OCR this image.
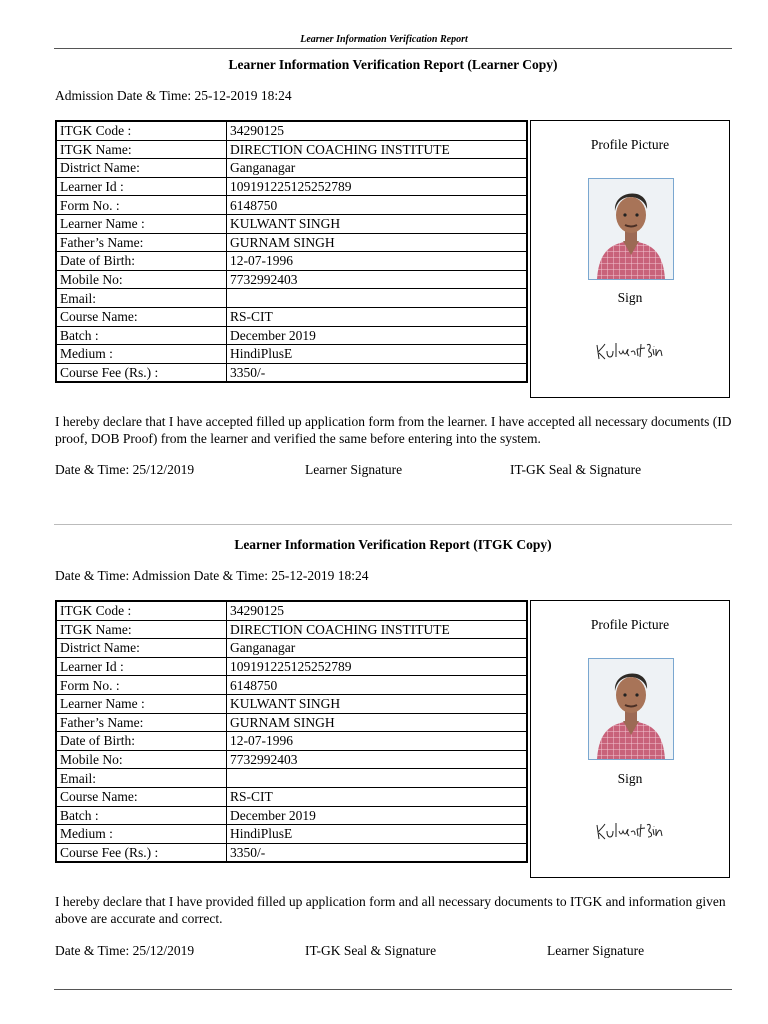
Learner Information Verification Report
Learner Information Verification Report (Learner Copy)
Admission Date & Time: 25-12-2019 18:24
ITGK Code :	34290125
ITGK Name:	DIRECTION COACHING INSTITUTE
District Name:	Ganganagar
Learner Id :	109191225125252789
Form No. :	6148750
Learner Name :	KULWANT SINGH
Father’s Name:	GURNAM SINGH
Date of Birth:	12-07-1996
Mobile No:	7732992403
Email:	
Course Name:	RS-CIT
Batch :	December 2019
Medium :	HindiPlusE
Course Fee (Rs.) :	3350/-
Profile Picture
Sign
I hereby declare that I have accepted filled up application form from the learner. I have accepted all necessary documents (ID proof, DOB Proof) from the learner and verified the same before entering into the system.
Date & Time: 25/12/2019	Learner Signature	IT-GK Seal & Signature
Learner Information Verification Report (ITGK Copy)
Date & Time: Admission Date & Time: 25-12-2019 18:24
ITGK Code :	34290125
ITGK Name:	DIRECTION COACHING INSTITUTE
District Name:	Ganganagar
Learner Id :	109191225125252789
Form No. :	6148750
Learner Name :	KULWANT SINGH
Father’s Name:	GURNAM SINGH
Date of Birth:	12-07-1996
Mobile No:	7732992403
Email:	
Course Name:	RS-CIT
Batch :	December 2019
Medium :	HindiPlusE
Course Fee (Rs.) :	3350/-
Profile Picture
Sign
I hereby declare that I have provided filled up application form and all necessary documents to ITGK and information given above are accurate and correct.
Date & Time: 25/12/2019	IT-GK Seal & Signature	Learner Signature
